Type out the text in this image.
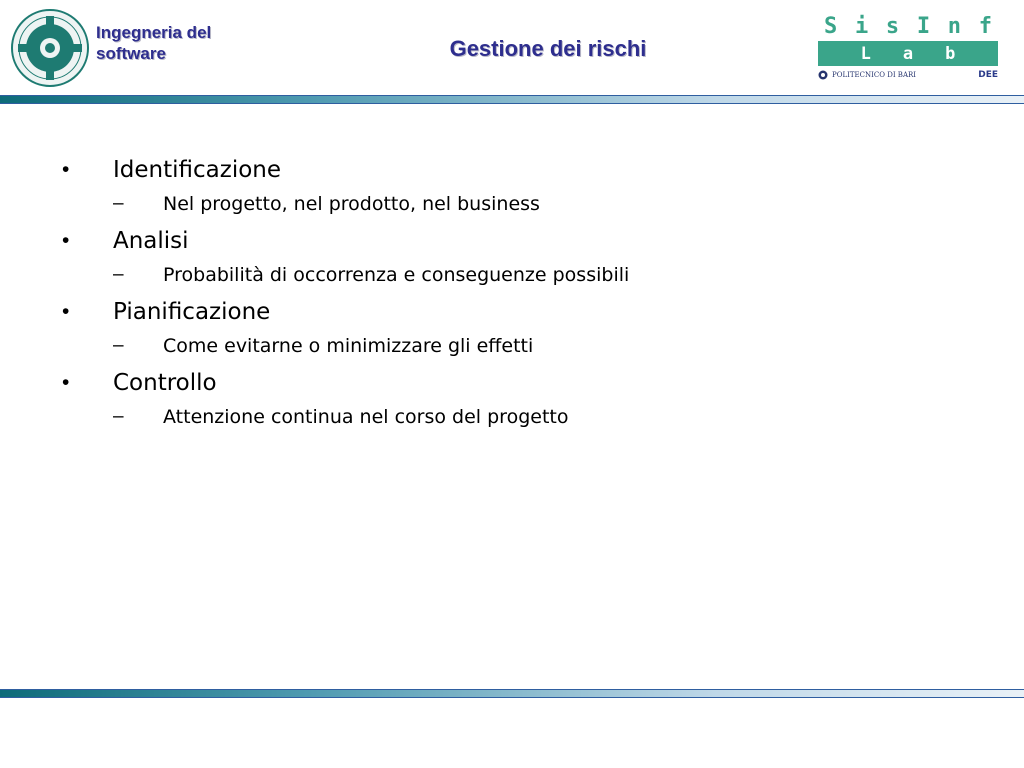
Ingegneria del software	Gestione dei rischi
S i s I n f
L a b
POLITECNICO DI BARI	DEE
• Identificazione
– Nel progetto, nel prodotto, nel business
• Analisi
– Probabilità di occorrenza e conseguenze possibili
• Pianificazione
– Come evitarne o minimizzare gli effetti
• Controllo
– Attenzione continua nel corso del progetto
